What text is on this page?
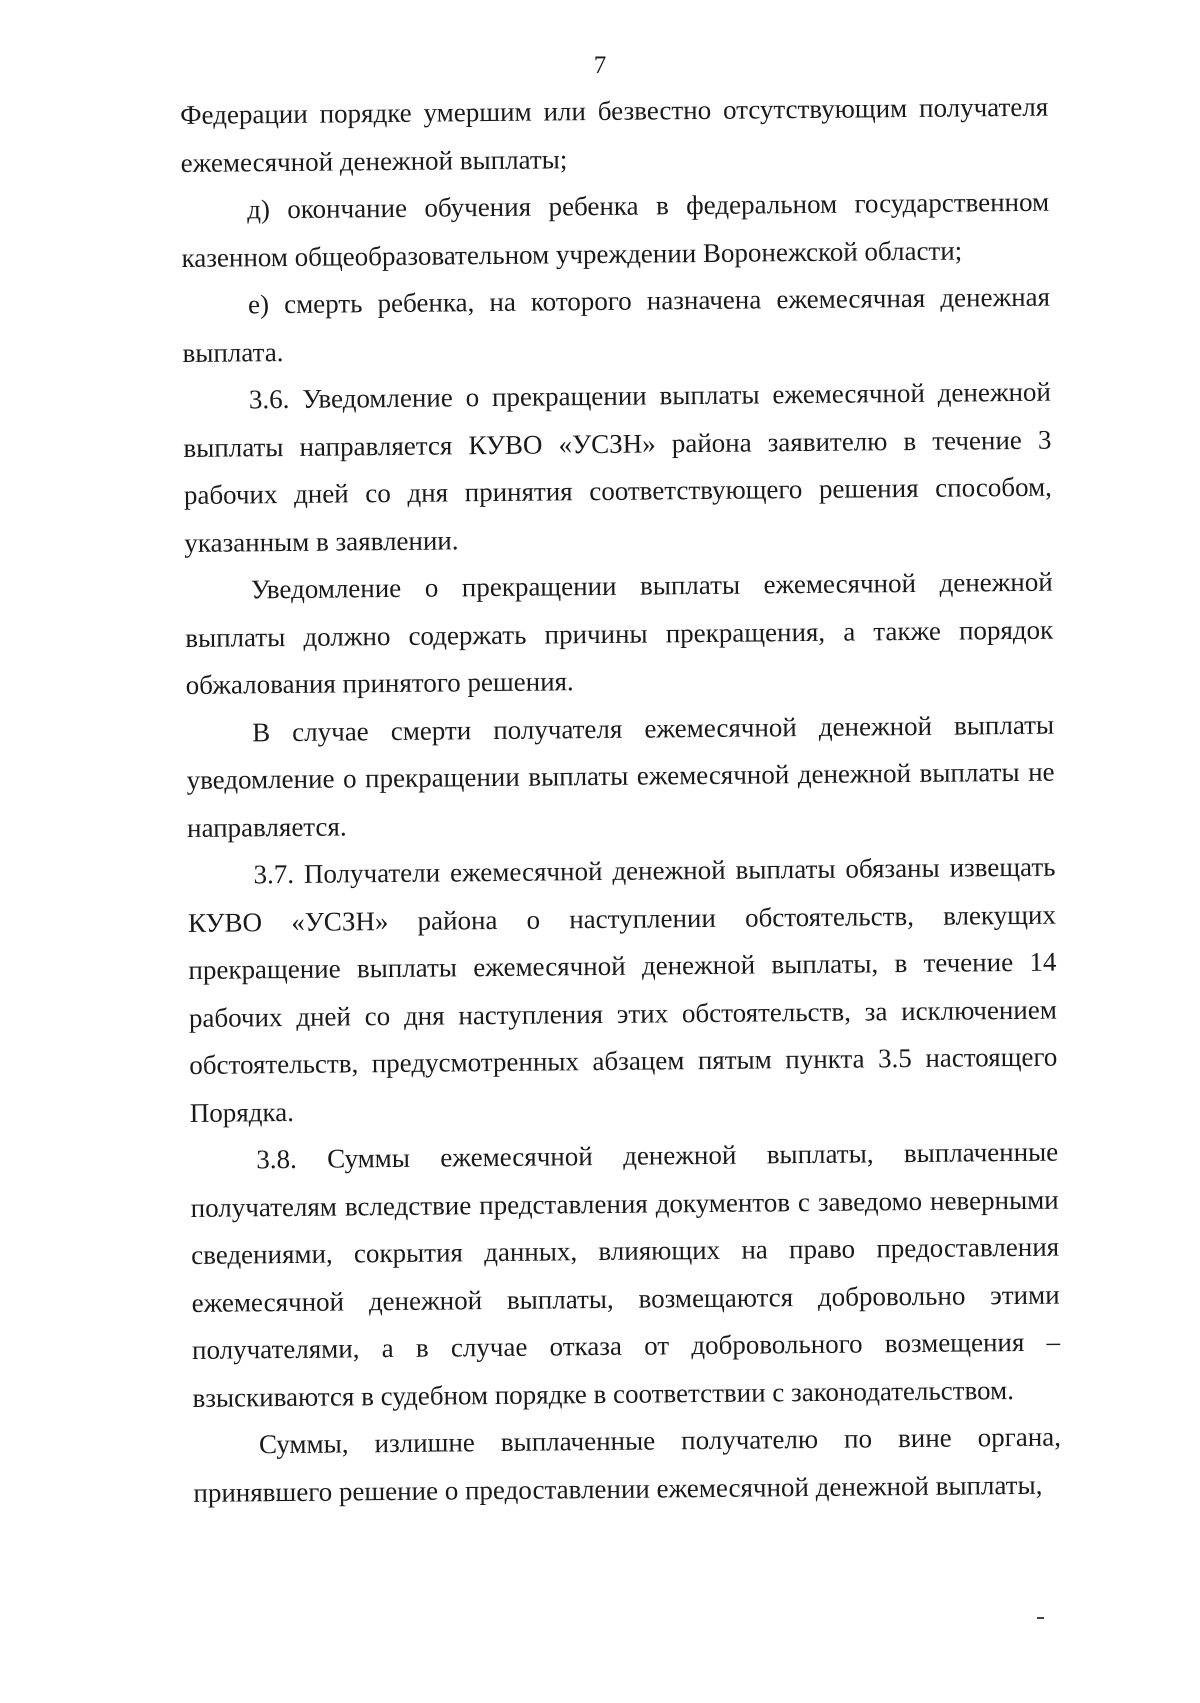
7

Федерации порядке умершим или безвестно отсутствующим получателя ежемесячной денежной выплаты;

д) окончание обучения ребенка в федеральном государственном казенном общеобразовательном учреждении Воронежской области;

е) смерть ребенка, на которого назначена ежемесячная денежная выплата.

3.6. Уведомление о прекращении выплаты ежемесячной денежной выплаты направляется КУВО «УСЗН» района заявителю в течение 3 рабочих дней со дня принятия соответствующего решения способом, указанным в заявлении.

Уведомление о прекращении выплаты ежемесячной денежной выплаты должно содержать причины прекращения, а также порядок обжалования принятого решения.

В случае смерти получателя ежемесячной денежной выплаты уведомление о прекращении выплаты ежемесячной денежной выплаты не направляется.

3.7. Получатели ежемесячной денежной выплаты обязаны извещать КУВО «УСЗН» района о наступлении обстоятельств, влекущих прекращение выплаты ежемесячной денежной выплаты, в течение 14 рабочих дней со дня наступления этих обстоятельств, за исключением обстоятельств, предусмотренных абзацем пятым пункта 3.5 настоящего Порядка.

3.8. Суммы ежемесячной денежной выплаты, выплаченные получателям вследствие представления документов с заведомо неверными сведениями, сокрытия данных, влияющих на право предоставления ежемесячной денежной выплаты, возмещаются добровольно этими получателями, а в случае отказа от добровольного возмещения – взыскиваются в судебном порядке в соответствии с законодательством.

Суммы, излишне выплаченные получателю по вине органа, принявшего решение о предоставлении ежемесячной денежной выплаты,
